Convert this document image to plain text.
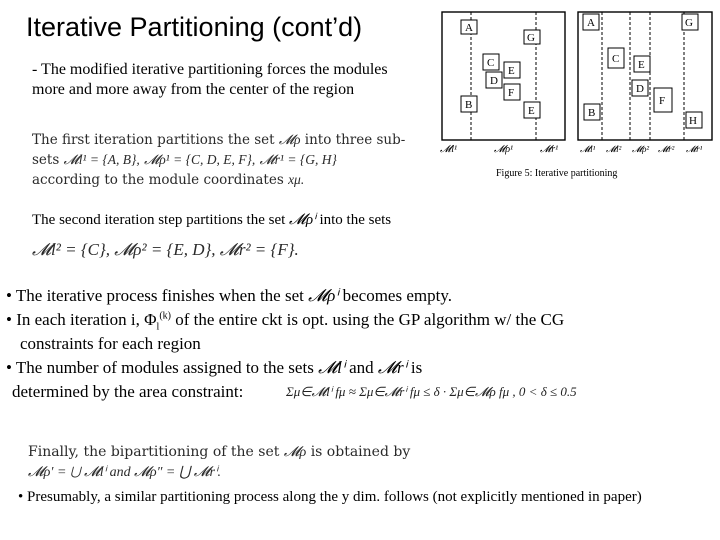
Iterative Partitioning (cont’d)
- The modified iterative partitioning forces the modules more and more away from the center of the region
A
G
C
E
D
F
B	E
𝓜l¹	𝓜ρ¹	𝓜r¹
A	G
C E
D
F
B
H
𝓜l¹ 𝓜l² 𝓜ρ² 𝓜r² 𝓜r¹
Figure 5: Iterative partitioning
The first iteration partitions the set 𝓜ρ into three sub-
sets 𝓜l¹ = {A, B}, 𝓜ρ¹ = {C, D, E, F}, 𝓜r¹ = {G, H}
according to the module coordinates xμ.
The second iteration step partitions the set 𝓜ρⁱ into the sets
𝓜l² = {C}, 𝓜ρ² = {E, D}, 𝓜r² = {F}.
• The iterative process finishes when the set 𝓜ρⁱ becomes empty.
• In each iteration i, $\Phi_l^{(k)}$ of the entire ckt is opt. using the GP algorithm w/ the CG
constraints for each region
• The number of modules assigned to the sets 𝓜lⁱ and 𝓜rⁱ is
determined by the area constraint:	Σμ∈𝓜lⁱ fμ ≈ Σμ∈𝓜rⁱ fμ ≤ δ · Σμ∈𝓜ρ fμ , 0 < δ ≤ 0.5
Finally, the bipartitioning of the set 𝓜ρ is obtained by
𝓜ρ′ = ⋃ 𝓜lⁱ and 𝓜ρ″ = ⋃ 𝓜rⁱ.
• Presumably, a similar partitioning process along the y dim. follows (not explicitly mentioned in paper)
